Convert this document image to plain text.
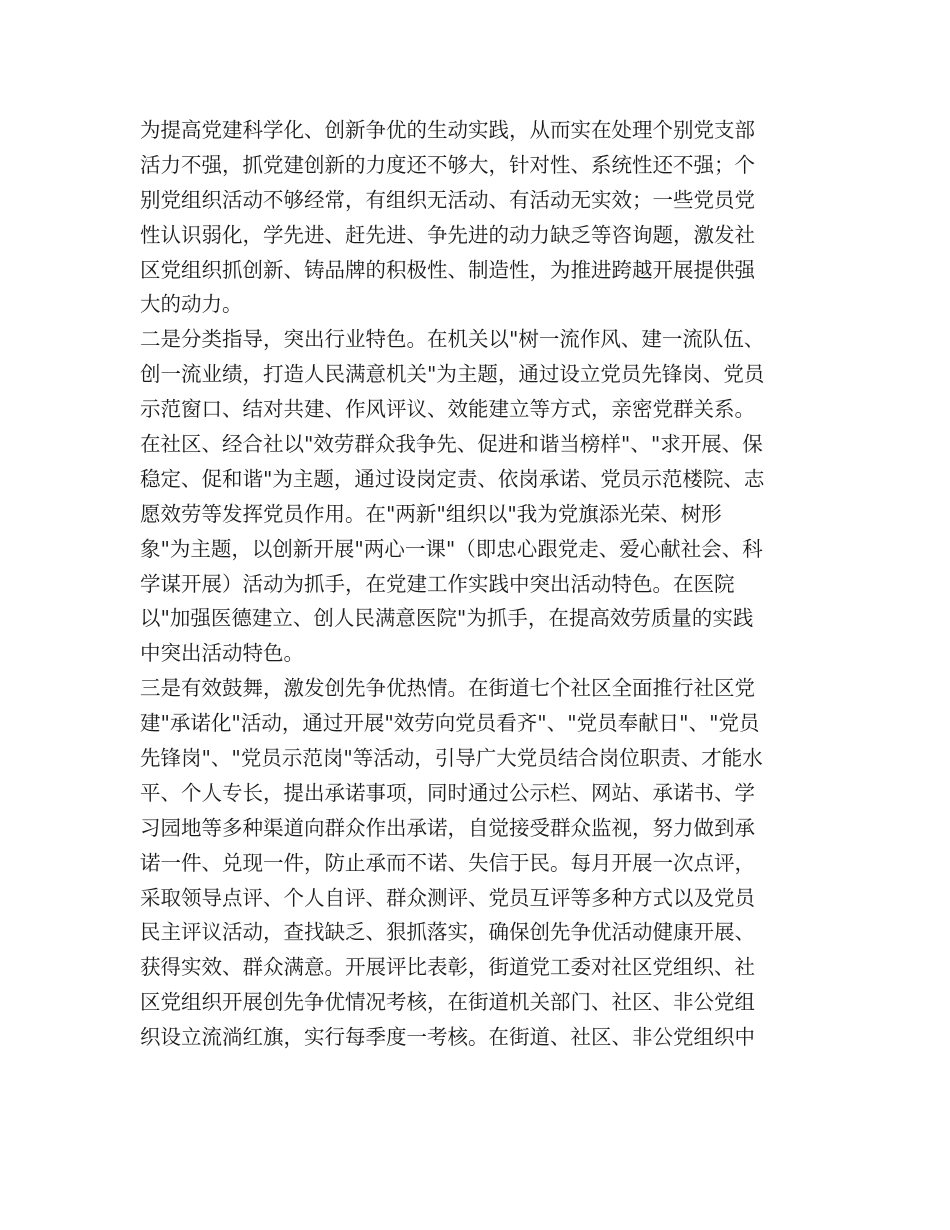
为提高党建科学化、创新争优的生动实践，从而实在处理个别党支部
活力不强，抓党建创新的力度还不够大，针对性、系统性还不强；个
别党组织活动不够经常，有组织无活动、有活动无实效；一些党员党
性认识弱化，学先进、赶先进、争先进的动力缺乏等咨询题，激发社
区党组织抓创新、铸品牌的积极性、制造性，为推进跨越开展提供强
大的动力。
二是分类指导，突出行业特色。在机关以"树一流作风、建一流队伍、
创一流业绩，打造人民满意机关"为主题，通过设立党员先锋岗、党员
示范窗口、结对共建、作风评议、效能建立等方式，亲密党群关系。
在社区、经合社以"效劳群众我争先、促进和谐当榜样"、"求开展、保
稳定、促和谐"为主题，通过设岗定责、依岗承诺、党员示范楼院、志
愿效劳等发挥党员作用。在"两新"组织以"我为党旗添光荣、树形
象"为主题，以创新开展"两心一课"（即忠心跟党走、爱心献社会、科
学谋开展）活动为抓手，在党建工作实践中突出活动特色。在医院
以"加强医德建立、创人民满意医院"为抓手，在提高效劳质量的实践
中突出活动特色。
三是有效鼓舞，激发创先争优热情。在街道七个社区全面推行社区党
建"承诺化"活动，通过开展"效劳向党员看齐"、"党员奉献日"、"党员
先锋岗"、"党员示范岗"等活动，引导广大党员结合岗位职责、才能水
平、个人专长，提出承诺事项，同时通过公示栏、网站、承诺书、学
习园地等多种渠道向群众作出承诺，自觉接受群众监视，努力做到承
诺一件、兑现一件，防止承而不诺、失信于民。每月开展一次点评，
采取领导点评、个人自评、群众测评、党员互评等多种方式以及党员
民主评议活动，查找缺乏、狠抓落实，确保创先争优活动健康开展、
获得实效、群众满意。开展评比表彰，街道党工委对社区党组织、社
区党组织开展创先争优情况考核，在街道机关部门、社区、非公党组
织设立流淌红旗，实行每季度一考核。在街道、社区、非公党组织中
